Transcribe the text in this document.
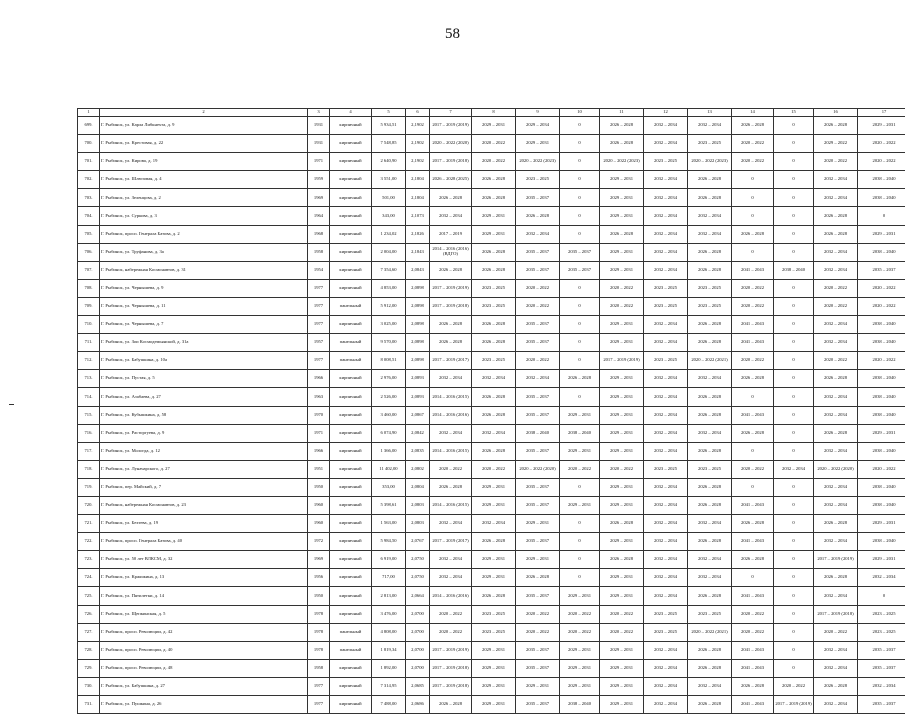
58
1	2	3	4	5	6	7	8	9	10	11	12	13	14	15	16	17
699.	Г. Рыбинск, ул. Карла Либкнехта, д. 9	1931	кирпичный	5 934,51	2,1902	2017 – 2019 (2019)	2029 – 2031	2029 – 2034	0	2026 – 2028	2032 – 2034	2032 – 2034	2026 – 2028	0	2026 – 2028	2029 – 2031
700.	Г. Рыбинск, ул. Крестовая, д. 22	1931	кирпичный	7 548,85	2,1902	2020 – 2022 (2020)	2020 – 2022	2029 – 2031	0	2026 – 2028	2032 – 2034	2023 – 2025	2020 – 2022	0	2029 – 2022	2020 – 2022
701.	Г. Рыбинск, ул. Кирова, д. 19	1971	кирпичный	2 640,90	2,1902	2017 – 2019 (2018)	2020 – 2022	2020 – 2022 (2023)	0	2020 – 2022 (2023)	2023 – 2025	2020 – 2022 (2023)	2020 – 2022	0	2020 – 2022	2020 – 2022
702.	Г. Рыбинск, ул. Шлюзовая, д. 4	1959	кирпичный	3 551,00	2,1804	2026 – 2028 (2025)	2026 – 2028	2023 – 2025	0	2029 – 2031	2032 – 2034	2026 – 2028	0	0	2032 – 2034	2038 – 2040
703.	Г. Рыбинск, ул. Зеленцова, д. 2	1969	кирпичный	501,00	2,1804	2026 – 2028	2026 – 2028	2035 – 2037	0	2029 – 2031	2032 – 2034	2026 – 2028	0	0	2032 – 2034	2038 – 2040
704.	Г. Рыбинск, ул. Суркова, д. 3	1964	кирпичный	343,00	2,1073	2032 – 2034	2029 – 2031	2026 – 2028	0	2029 – 2031	2032 – 2034	2032 – 2034	0	0	2026 – 2028	0
705.	Г. Рыбинск, просп. Генерала Батова, д. 2	1968	кирпичный	1 234,02	2,1826	2017 – 2019	2029 – 2031	2032 – 2034	0	2026 – 2028	2032 – 2034	2032 – 2034	2026 – 2028	0	2026 – 2028	2029 – 2031
706.	Г. Рыбинск, ул. Труфанова, д. 3а	1958	кирпичный	2 004,00	2,1843	2014 – 2016 (2016)(ВДГО)	2026 – 2028	2035 – 2037	2035 – 2037	2029 – 2031	2032 – 2034	2026 – 2028	0	0	2032 – 2034	2038 – 2040
707.	Г. Рыбинск, набережная Космонавтов, д. 31	1954	кирпичный	7 354,60	2,0843	2026 – 2028	2026 – 2028	2035 – 2037	2035 – 2037	2029 – 2031	2032 – 2034	2026 – 2028	2041 – 2043	2038 – 2040	2032 – 2034	2035 – 2037
708.	Г. Рыбинск, ул. Чернышева, д. 9	1977	кирпичный	4 853,00	2,0898	2017 – 2019 (2019)	2023 – 2025	2020 – 2022	0	2020 – 2022	2023 – 2025	2023 – 2025	2020 – 2022	0	2020 – 2022	2020 – 2022
709.	Г. Рыбинск, ул. Чернышева, д. 11	1977	панельный	5 912,00	2,0898	2017 – 2019 (2018)	2023 – 2025	2020 – 2022	0	2020 – 2022	2023 – 2025	2023 – 2025	2020 – 2022	0	2020 – 2022	2020 – 2022
710.	Г. Рыбинск, ул. Чернышева, д. 7	1977	кирпичный	3 025,00	2,0898	2026 – 2028	2026 – 2028	2035 – 2037	0	2029 – 2031	2032 – 2034	2026 – 2028	2041 – 2043	0	2032 – 2034	2038 – 2040
711.	Г. Рыбинск, ул. Зои Космодемьянской, д. 31а	1957	панельный	9 570,00	2,0898	2026 – 2028	2026 – 2028	2035 – 2037	0	2029 – 2031	2032 – 2034	2026 – 2028	2041 – 2043	0	2032 – 2034	2038 – 2040
712.	Г. Рыбинск, ул. Бабушкина, д. 10а	1977	панельный	8 008,51	2,0898	2017 – 2019 (2017)	2023 – 2025	2020 – 2022	0	2017 – 2019 (2019)	2023 – 2025	2020 – 2022 (2021)	2020 – 2022	0	2020 – 2022	2020 – 2022
713.	Г. Рыбинск, ул. Пустая, д. 5	1966	кирпичный	2 976,00	2,0893	2032 – 2034	2032 – 2034	2032 – 2034	2026 – 2028	2029 – 2031	2032 – 2034	2032 – 2034	2026 – 2028	0	2026 – 2028	2038 – 2040
714.	Г. Рыбинск, ул. Азабаева, д. 27	1963	кирпичный	2 526,00	2,0893	2014 – 2016 (2015)	2026 – 2028	2035 – 2037	0	2029 – 2031	2032 – 2034	2026 – 2028	0	0	2032 – 2034	2038 – 2040
715.	Г. Рыбинск, ул. Кубышкина, д. 58	1970	кирпичный	3 460,00	2,0867	2014 – 2016 (2016)	2026 – 2028	2035 – 2037	2029 – 2031	2029 – 2031	2032 – 2034	2026 – 2028	2041 – 2043	0	2032 – 2034	2038 – 2040
716.	Г. Рыбинск, ул. Расторгуева, д. 9	1971	кирпичный	6 074,90	2,0842	2032 – 2034	2032 – 2034	2038 – 2040	2038 – 2040	2029 – 2031	2032 – 2034	2032 – 2034	2026 – 2028	0	2026 – 2028	2029 – 2031
717.	Г. Рыбинск, ул. Мологда, д. 12	1966	кирпичный	1 366,00	2,0835	2014 – 2016 (2015)	2026 – 2028	2035 – 2037	2029 – 2031	2029 – 2031	2032 – 2034	2026 – 2028	0	0	2032 – 2034	2038 – 2040
718.	Г. Рыбинск, ул. Луначарского, д. 27	1951	кирпичный	11 402,00	2,0802	2020 – 2022	2020 – 2022	2020 – 2022 (2020)	2020 – 2022	2020 – 2022	2023 – 2025	2023 – 2025	2020 – 2022	2032 – 2034	2020 – 2022 (2020)	2020 – 2022
719.	Г. Рыбинск, пер. Майский, д. 7	1950	кирпичный	353,00	2,0804	2026 – 2028	2029 – 2031	2035 – 2037	0	2029 – 2031	2032 – 2034	2026 – 2028	0	0	2032 – 2034	2038 – 2040
720.	Г. Рыбинск, набережная Космонавтов, д. 23	1960	кирпичный	5 398,61	2,0803	2014 – 2016 (2015)	2029 – 2031	2035 – 2037	2029 – 2031	2029 – 2031	2032 – 2034	2026 – 2028	2041 – 2043	0	2032 – 2034	2038 – 2040
721.	Г. Рыбинск, ул. Бехтева, д. 19	1960	кирпичный	1 563,00	2,0803	2032 – 2034	2032 – 2034	2029 – 2031	0	2026 – 2028	2032 – 2034	2032 – 2034	2026 – 2028	0	2026 – 2028	2029 – 2031
722.	Г. Рыбинск, просп. Генерала Батова, д. 40	1972	кирпичный	5 984,50	2,0767	2017 – 2019 (2017)	2026 – 2028	2035 – 2037	0	2029 – 2031	2032 – 2034	2026 – 2028	2041 – 2043	0	2032 – 2034	2038 – 2040
723.	Г. Рыбинск, ул. 50 лет ВЛКСМ, д. 32	1969	кирпичный	6 919,00	2,0750	2032 – 2034	2029 – 2031	2029 – 2031	0	2026 – 2028	2032 – 2034	2032 – 2034	2026 – 2028	0	2017 – 2019 (2019)	2029 – 2031
724.	Г. Рыбинск, ул. Кржижина, д. 13	1956	кирпичный	717,00	2,0750	2032 – 2034	2029 – 2031	2026 – 2028	0	2029 – 2031	2032 – 2034	2032 – 2034	0	0	2026 – 2028	2032 – 2034
725.	Г. Рыбинск, ул. Пятилетки, д. 14	1950	кирпичный	2 813,00	2,0664	2014 – 2016 (2016)	2026 – 2028	2035 – 2037	2029 – 2031	2029 – 2031	2032 – 2034	2026 – 2028	2041 – 2043	0	2032 – 2034	0
726.	Г. Рыбинск, ул. Щепкинская, д. 5	1978	кирпичный	3 476,00	2,0700	2020 – 2022	2023 – 2025	2020 – 2022	2020 – 2022	2020 – 2022	2023 – 2025	2023 – 2025	2020 – 2022	0	2017 – 2019 (2018)	2023 – 2025
727.	Г. Рыбинск, просп. Революции, д. 42	1978	панельный	4 808,00	2,0700	2020 – 2022	2023 – 2025	2020 – 2022	2020 – 2022	2020 – 2022	2023 – 2025	2020 – 2022 (2021)	2020 – 2022	0	2020 – 2022	2023 – 2025
728.	Г. Рыбинск, просп. Революции, д. 40	1978	панельный	1 819,34	2,0700	2017 – 2019 (2019)	2029 – 2031	2035 – 2037	2029 – 2031	2029 – 2031	2032 – 2034	2026 – 2028	2041 – 2043	0	2032 – 2034	2035 – 2037
729.	Г. Рыбинск, просп. Революции, д. 48	1958	кирпичный	1 892,00	2,0700	2017 – 2019 (2018)	2029 – 2031	2035 – 2037	2029 – 2031	2029 – 2031	2032 – 2034	2026 – 2028	2041 – 2043	0	2032 – 2034	2035 – 2037
730.	Г. Рыбинск, ул. Бабушкина, д. 27	1977	кирпичный	7 314,95	2,0685	2017 – 2019 (2018)	2029 – 2031	2029 – 2031	2029 – 2031	2029 – 2031	2032 – 2034	2032 – 2034	2026 – 2028	2020 – 2022	2026 – 2028	2032 – 2034
731.	Г. Рыбинск, ул. Пушкина, д. 26	1977	кирпичный	7 488,00	2,0686	2026 – 2028	2029 – 2031	2035 – 2037	2038 – 2040	2029 – 2031	2032 – 2034	2026 – 2028	2041 – 2043	2017 – 2019 (2019)	2032 – 2034	2035 – 2037
